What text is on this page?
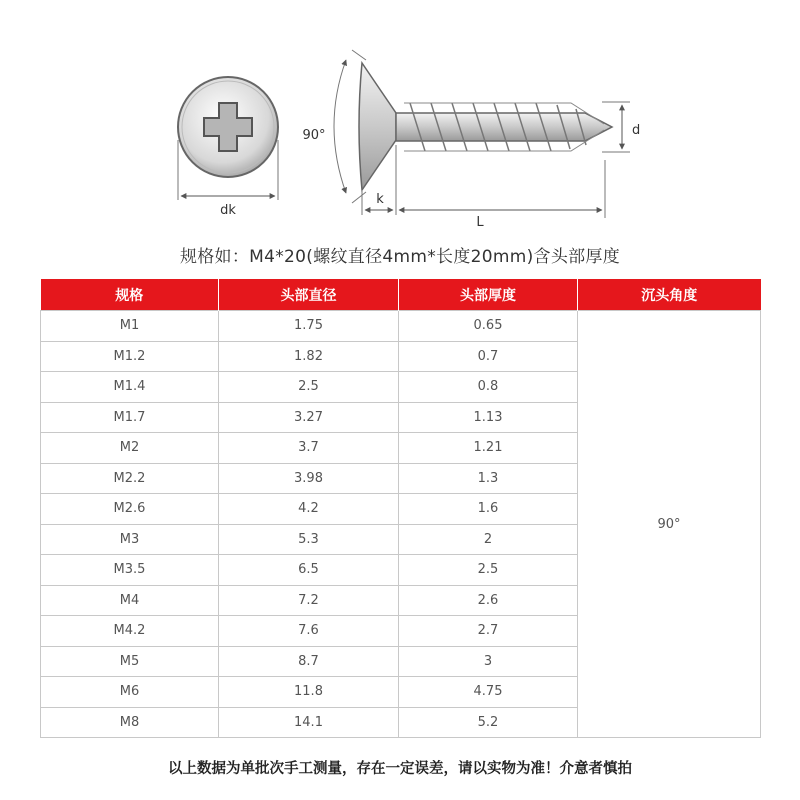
dk
90°
k
L
d
规格如：M4*20(螺纹直径4mm*长度20mm)含头部厚度
规格	头部直径	头部厚度	沉头角度
M1	1.75	0.65	90°
M1.2	1.82	0.7	
M1.4	2.5	0.8	
M1.7	3.27	1.13	
M2	3.7	1.21	
M2.2	3.98	1.3	
M2.6	4.2	1.6	
M3	5.3	2	
M3.5	6.5	2.5	
M4	7.2	2.6	
M4.2	7.6	2.7	
M5	8.7	3	
M6	11.8	4.75	
M8	14.1	5.2	
以上数据为单批次手工测量，存在一定误差，请以实物为准！介意者慎拍
